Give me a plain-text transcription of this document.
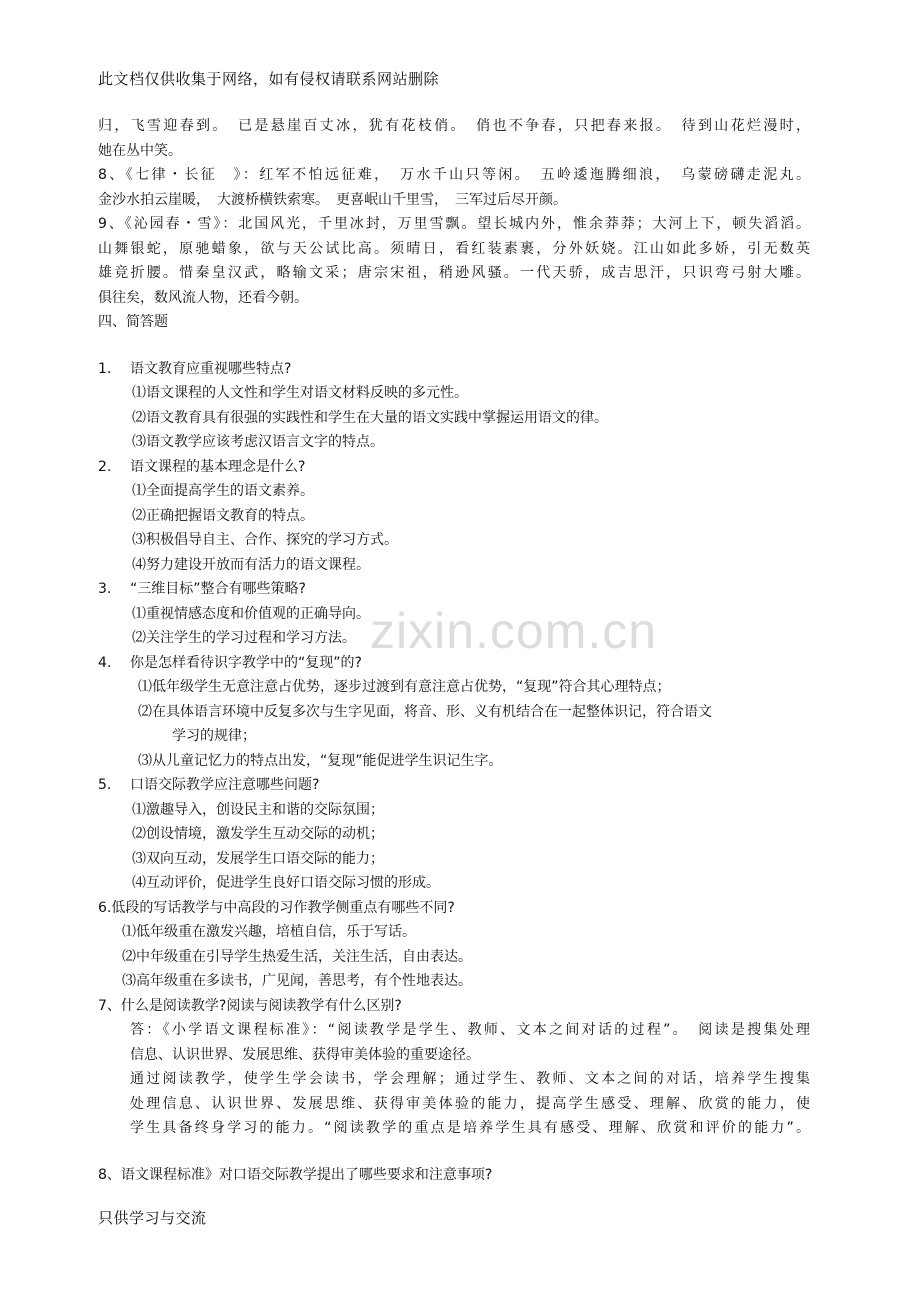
此文档仅供收集于网络，如有侵权请联系网站删除
zixin.com.cn
归，飞雪迎春到。　已是悬崖百丈冰，犹有花枝俏。　俏也不争春，只把春来报。　待到山花烂漫时，
她在丛中笑。
8、《七律・长征　》：红军不怕远征难，　万水千山只等闲。　五岭逶迤腾细浪，　乌蒙磅礴走泥丸。
金沙水拍云崖暖，　大渡桥横铁索寒。　更喜岷山千里雪，　三军过后尽开颜。
9、《沁园春・雪》：北国风光，千里冰封，万里雪飘。望长城内外，惟余莽莽；大河上下，顿失滔滔。
山舞银蛇，原驰蜡象，欲与天公试比高。须晴日，看红装素裹，分外妖娆。江山如此多娇，引无数英
雄竞折腰。惜秦皇汉武，略输文采；唐宗宋祖，稍逊风骚。一代天骄，成吉思汗，只识弯弓射大雕。
俱往矣，数风流人物，还看今朝。
四、简答题
1.	语文教育应重视哪些特点?
⑴语文课程的人文性和学生对语文材料反映的多元性。
⑵语文教育具有很强的实践性和学生在大量的语文实践中掌握运用语文的律。
⑶语文教学应该考虑汉语言文字的特点。
2.	语文课程的基本理念是什么?
⑴全面提高学生的语文素养。
⑵正确把握语文教育的特点。
⑶积极倡导自主、合作、探究的学习方式。
⑷努力建设开放而有活力的语文课程。
3.	“三维目标”整合有哪些策略?
⑴重视情感态度和价值观的正确导向。
⑵关注学生的学习过程和学习方法。
4.	你是怎样看待识字教学中的“复现”的?
⑴低年级学生无意注意占优势，逐步过渡到有意注意占优势，“复现”符合其心理特点；
⑵在具体语言环境中反复多次与生字见面，将音、形、义有机结合在一起整体识记，符合语文
学习的规律；
⑶从儿童记忆力的特点出发，“复现”能促进学生识记生字。
5.	口语交际教学应注意哪些问题?
⑴激趣导入，创设民主和谐的交际氛围；
⑵创设情境，激发学生互动交际的动机；
⑶双向互动，发展学生口语交际的能力；
⑷互动评价，促进学生良好口语交际习惯的形成。
6.低段的写话教学与中高段的习作教学侧重点有哪些不同?
⑴低年级重在激发兴趣，培植自信，乐于写话。
⑵中年级重在引导学生热爱生活，关注生活，自由表达。
⑶高年级重在多读书，广见闻，善思考，有个性地表达。
7、什么是阅读教学?阅读与阅读教学有什么区别?
答：《小学语文课程标准》：“阅读教学是学生、教师、文本之间对话的过程”。　阅读是搜集处理
信息、认识世界、发展思维、获得审美体验的重要途径。
通过阅读教学，使学生学会读书，学会理解；通过学生、教师、文本之间的对话，培养学生搜集
处理信息、认识世界、发展思维、获得审美体验的能力，提高学生感受、理解、欣赏的能力，使
学生具备终身学习的能力。“阅读教学的重点是培养学生具有感受、理解、欣赏和评价的能力”。
8、语文课程标准》对口语交际教学提出了哪些要求和注意事项?
只供学习与交流
